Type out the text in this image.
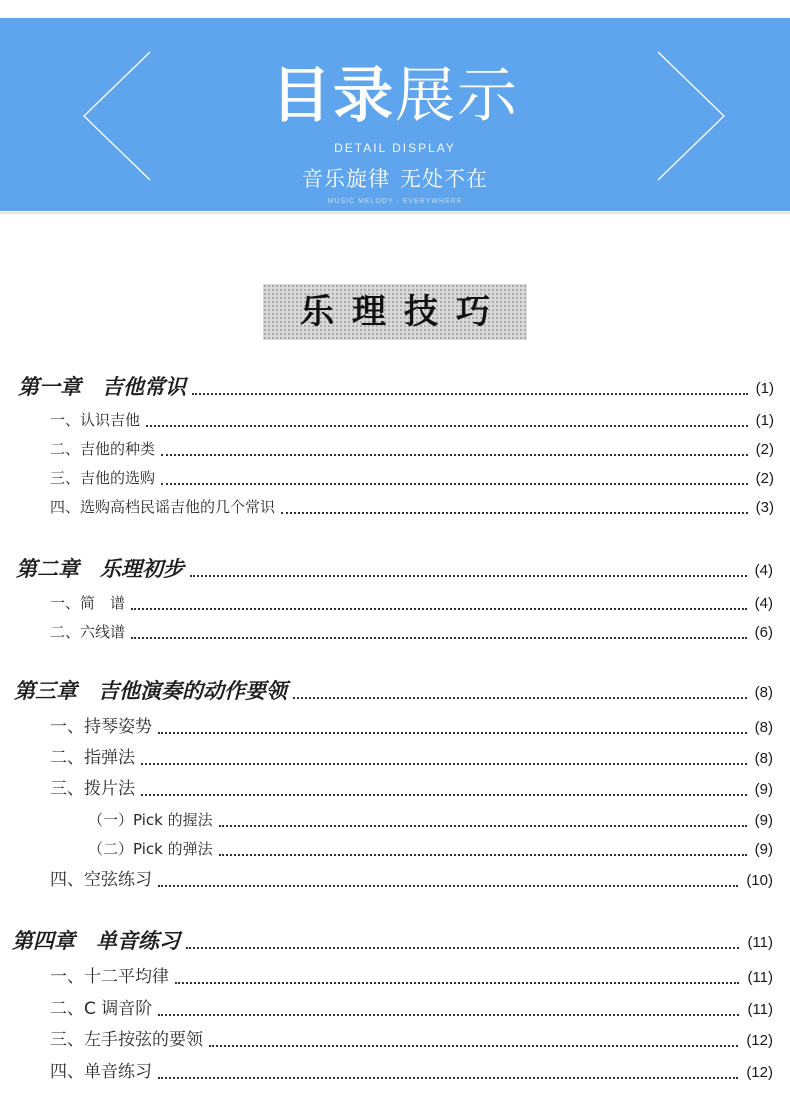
目录展示
DETAIL DISPLAY
音乐旋律 无处不在
MUSIC MELODY · EVERYWHERE
乐理技巧
第一章　吉他常识	(1)
一、认识吉他	(1)
二、吉他的种类	(2)
三、吉他的选购	(2)
四、选购高档民谣吉他的几个常识	(3)
第二章　乐理初步	(4)
一、简　谱	(4)
二、六线谱	(6)
第三章　吉他演奏的动作要领	(8)
一、持琴姿势	(8)
二、指弹法	(8)
三、拨片法	(9)
（一）Pick 的握法	(9)
（二）Pick 的弹法	(9)
四、空弦练习	(10)
第四章　单音练习	(11)
一、十二平均律	(11)
二、C 调音阶	(11)
三、左手按弦的要领	(12)
四、单音练习	(12)
